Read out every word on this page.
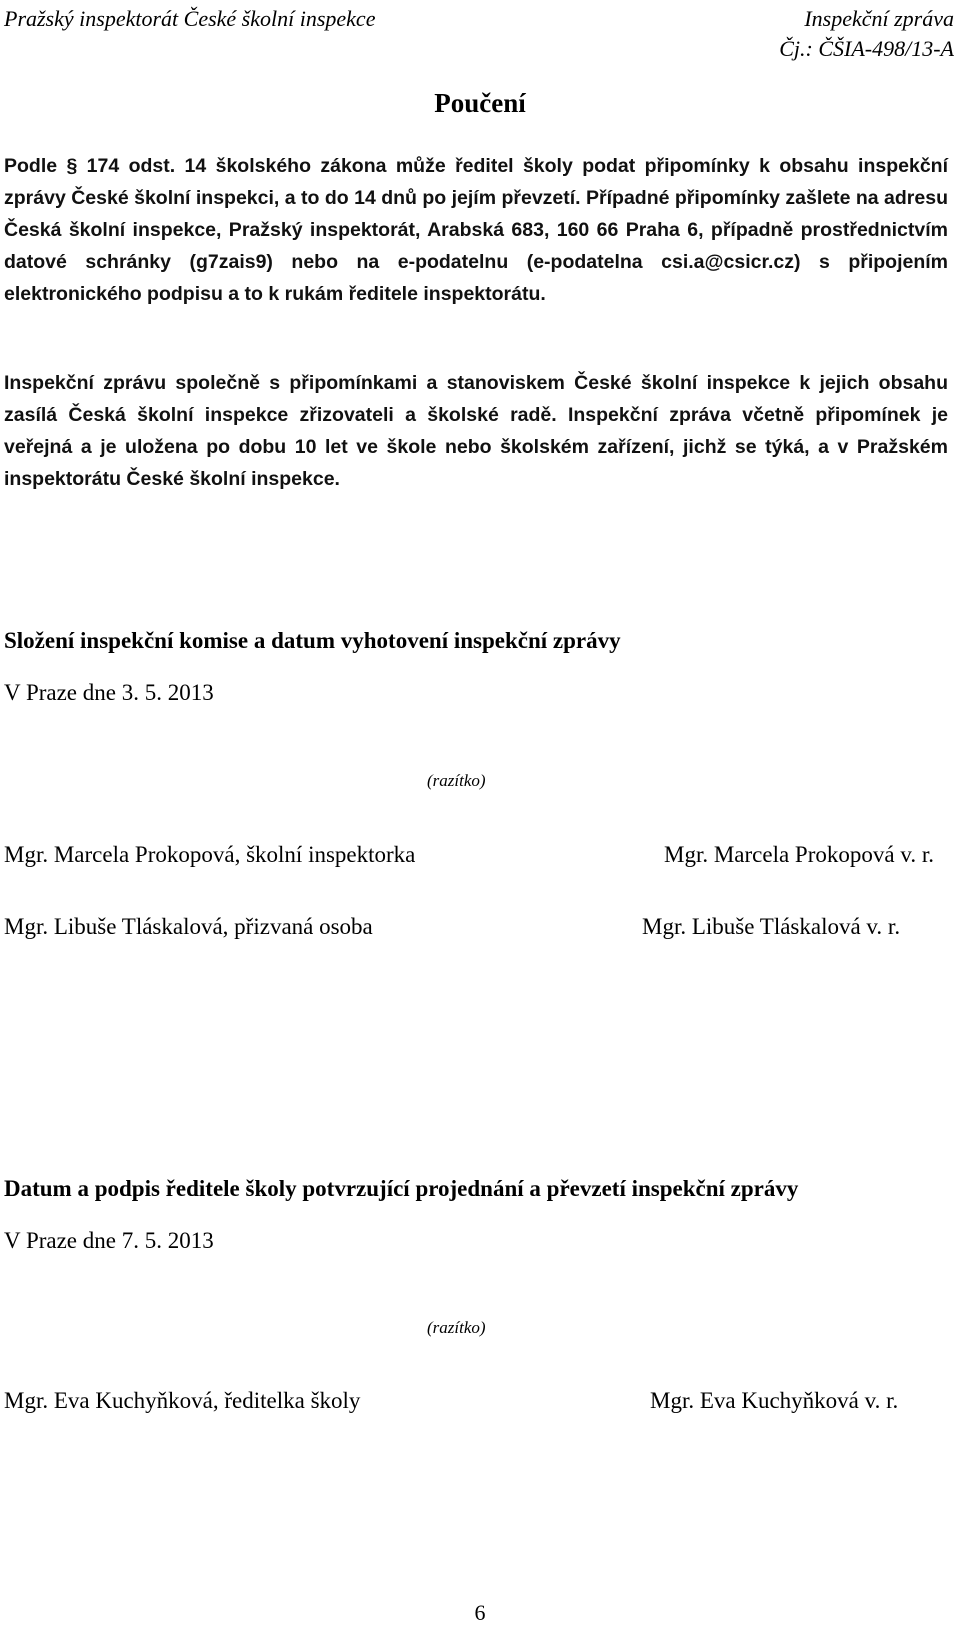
Pražský inspektorát České školní inspekce	Inspekční zpráva
Čj.: ČŠIA-498/13-A
Poučení
Podle § 174 odst. 14 školského zákona může ředitel školy podat připomínky k obsahu inspekční zprávy České školní inspekci, a to do 14 dnů po jejím převzetí. Případné připomínky zašlete na adresu Česká školní inspekce, Pražský inspektorát, Arabská 683, 160 66 Praha 6, případně prostřednictvím datové schránky (g7zais9) nebo na e-podatelnu (e-podatelna csi.a@csicr.cz) s připojením elektronického podpisu a to k rukám ředitele inspektorátu.
Inspekční zprávu společně s připomínkami a stanoviskem České školní inspekce k jejich obsahu zasílá Česká školní inspekce zřizovateli a školské radě. Inspekční zpráva včetně připomínek je veřejná a je uložena po dobu 10 let ve škole nebo školském zařízení, jichž se týká, a v Pražském inspektorátu České školní inspekce.
Složení inspekční komise a datum vyhotovení inspekční zprávy
V Praze dne 3. 5. 2013
(razítko)
Mgr. Marcela Prokopová, školní inspektorka	Mgr. Marcela Prokopová v. r.
Mgr. Libuše Tláskalová, přizvaná osoba	Mgr. Libuše Tláskalová v. r.
Datum a podpis ředitele školy potvrzující projednání a převzetí inspekční zprávy
V Praze dne 7. 5. 2013
(razítko)
Mgr. Eva Kuchyňková, ředitelka školy	Mgr. Eva Kuchyňková v. r.
6
